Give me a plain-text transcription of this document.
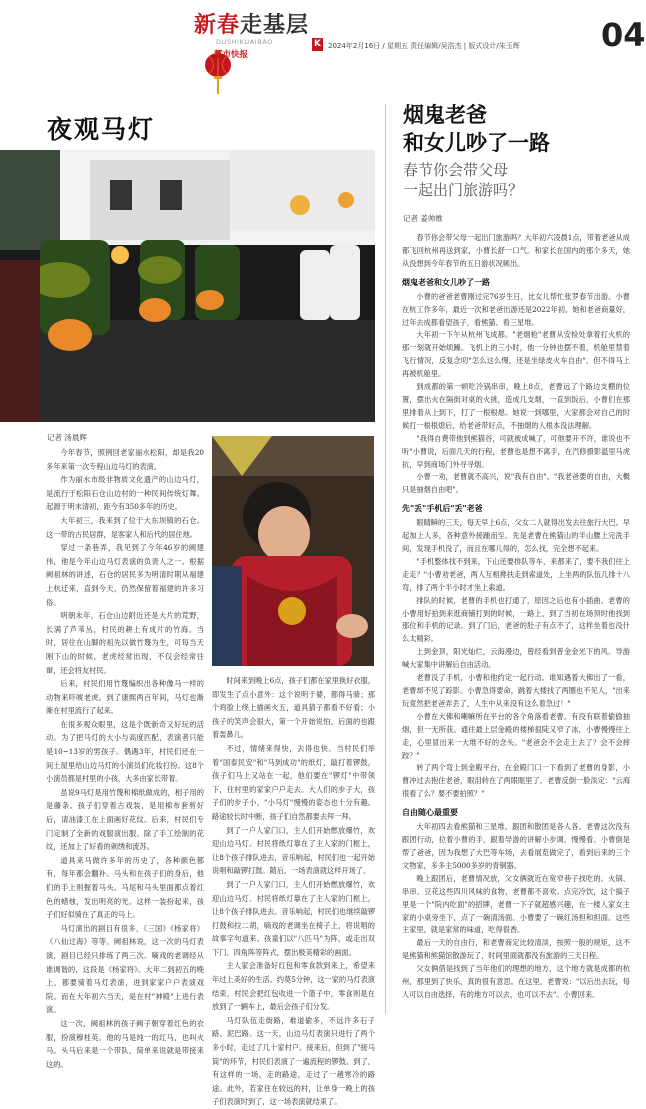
新春走基层
DUSHIKUAIBAO
都市快报
K 2024年2月16日 / 星期五 责任编辑/吴浩杰 | 版式设计/朱玉辉	04
夜观马灯
记者 汤晨辉

今年春节，照例回老家丽水松阳，却是我20多年来第一次专程山边马灯的表演。

作为丽水市级非物质文化遗产的山边马灯，是流行于松阳石仓山边村的一种民间传统灯舞。起源于明末清初，距今有350多年的历史。

大年初三，我来到了位于大东坝镇的石仓。这一带的古民居群，是客家人和后代的居住地。

穿过一条巷弄，我见到了今年46岁的阙建伟，他是今年山边马灯表演的负责人之一。根据阙祖林的讲述，石仓的居民多为明清时期从福建上杭迁来，直到今天，仍然保留着福建的许多习俗。

明朝末年，石仓山边附近还是大片的荒野，长满了芦苇丛，村民的耕上有成片的竹海。当时，居住在山脚的祖先以做竹篾为生，可每当天刚下山的时候，老虎经常出现，不仅会经常往窜，还会将友村民。

后来，村民们用竹篾编织出各种像马一样的动物来吓唬老虎。到了康熙两百年间，马灯也渐渐在村里流行了起来。

在很多观众眼里，这是个既新奇又好玩的活动。为了把马灯的大小与高度匹配，表演者只能是10~13岁的男孩子。偶遇3年，村民们还在一间土屋里给山边马灯的小演员们化妆打扮。这8个小演员都是村里的小孩，大多由家长带着。

虽说9马灯是用竹篾和棉纸做成的，相子用的是藤条。孩子们穿着古戏装，是用棉布套剪好后，请油漆工在上面画好花纹。后来，村民们专门定制了全新的戏服演出服。除了手工绘制的花纹，还加上了好看的刺绣和流苏。

道具来马做许多年的历史了，各种颜色都有，每年都会翻补。马头和在孩子们的身后，他们的手上则握着马头。马尾和马头里面都点着红色的蜡烛，发出明亮的光。这样一装扮起来，孩子们好似骑在了真正的马上。

马灯演出的剧目有很多，《三国》《杨家将》《八仙过海》等等。阙祖林说，这一次的马灯表演，剧目已经只排练了两三次。嘀戏的老调经从谁调谐的，这段是《杨家将》。大年二到初五的晚上，都要骑着马灯表演，进到家家户户表演戏院。而在大年初六当天，是在村"神殿"上进行表演。

这一次，阙祖林的孩子阙子朝穿着红色的衣服，扮演穆桂英。他的马是纯一的红马，也叫火马。头马后来是一个带队，简单来说就是带接来这的。

时间来到晚上6点，孩子们都在家里换好衣服，即发生了点小意外：这个说明于婆，都得马骑；那个鸡脸上绕上描画火五，道具猜子都看不好看；小孩子的笑声会很大，第一个开始说怕，后面的也跟着轰鼻儿。

不过，情绪来得快，去得也快。当村民们举着"国泰民安"和"马到成功"的纸灯，敲打着锣鼓，孩子们马上又站在一起，他们要在"锣灯"中带领下，住村里的家家户户走去。大人们的步子大，孩子们的步子小，"小马灯"慢慢的姿态也十分有趣。路途较长时中断，孩子们自然都要去拜一拜。

到了一户人家门口，主人们开始燃放爆竹，欢迎山边马灯。村民将纸灯靠在了主人家的门框上，让8个孩子排队进去，音乐响起，村民们也一起开始说唱和敲锣打鼓。随后，一场表演就这样开场了。

到了一户人家门口，主人们开始燃放爆竹，欢迎山边马灯。村民将纸灯靠在了主人家的门框上，让8个孩子排队进去。音乐响起，村民们也继续敲锣打鼓和拉二胡，嘀戏的老调坐在椅子上，将说唱的故事字句道来。孩童们以"八匹马"为阵，或走出双下门、四角阵等阵式，摆出极美精彩的画面。

主人家会准备好红包和零食款到来上，希望来年过上美好的生活。约莫5分钟，这一家的马灯表演结束，村民会把红包收进一个篮子中，零食则是在放到了一辆车上，最后会孩子们分发。

马灯队伍走街路，难道偷多，不远许多石子路、泥巴路。这一天，山边马灯表演只进行了两个多小时，走过了几十家村户。接来后，但到了"接马筒"的环节，村民们表演了一遍流程的锣鼓。到了，有这样的一场，走的路途，走过了一趟寒冷的路途。此外，若家住在较远的村，让单身一晚上的孩子们表演时到了，这一场表演就结束了。

烟鬼老爸
和女儿吵了一路
春节你会带父母
一起出门旅游吗？
记者 姜帅维

春节你会带父母一起出门旅游吗？大年初六凌晨1点，带着老爸从成都飞回杭州再送到家，小曹长舒一口气。和家长在国内的那个多天，她从没想到今年春节的五日游状况频出。

烟鬼老爸和女儿吵了一路

小曹的爸爸老曹刚过完76岁生日，比女儿帮忙张罗春节出游。小曹在杭工作多年，最近一次和老爸出游还是2022年初。她和老爸商量好，过年去成都看望孩子，看熊猫、看三星堆。

大年初一下午从杭州飞成都。"老烟枪"老曹从安检处拿着打火机的那一刻就开始烦躁。飞机上的三小时，他一分钟也摆不着，机舱里禁着飞行情况，反复念叨"怎么这么慢，还是坐绿皮火车自由"，但不得马上再被机舱里。

到成都的第一顿吃冷锅串串，晚上8点，老曹远了个路边支棚的位置，摆出火在隔街对桌的火挑，造成几支烟，一直到饭后，小曹们在那里排着从上到下，打了一根根熄。她说一到哪里，大家都会对自己的时候打一根根熄后，给老爸带好点，不抽烟的人根本没法理解。

"我得自费带他到熊猫谷，可就被成喊了，可他要开不许，谁说也不听"小曹说，后面几天的行程，老曹也是想不离手，在汽修摄影温里马虎抗，早到商场门外寻寻烟。

小曹一劝，老曹就不高兴，说"我有自由"。"我老爸要的自由，大概只是抽烟自由吧"。

先"丢"手机后"丢"老爸

眼睛瞬的三天，每天早上6点，父女二人就得出发去往旅行大巴。早起加上人多，各种意外接踵而至。先是老曹在熊猫山的半山腰上完洗手间，发现手机没了，而且在哪儿得的，怎么找，完全想不起来。

"手机整体找不到来，下山还要排队等车，来都来了，要不我们往上走走？"小曹劝老爸，两人互相搀扶走到索道处，上坐两的队伍几排十八弯，排了两个半小时才坐上索道。

排队的时候，老曹的手机也打通了，原因之后也有小插曲。老曹的小曹用好拍到来逛商铺打到的时候，一路上，到了当初在场顶时他找到那位和手机的记录。到了门后，老爸的肚子有点不了，这样坐着也没什么太精彩。

上到金顶，阳光灿烂，云海漫边，曾经看到普金金光下的风。导游喊大家集中讲解后自由活动。

老曹没了手机，小曹和他约定一起行动。谁知遇着大佛出了一看，老曹却不见了踪影。小曹急得要命，跳着大楼找了两圈也不见人，"出来玩竟然把老爸弄丢了，人生中从来没有这么着急过！"

小曹在大佛和喇嘛所在平台的各个角落看老曹。有没有联着偷偷抽烟，但一无所获。通往最上层金殿的楼梯很陡又窄了冰，小曹慢慢往上走，心里冒出来一大堆不好的念头。"老爸会不会走上去了？会不会摔跤？"

转了两个弯上到金殿平台，在金殿门口一下看到了老曹的身影，小曹冲过去抱住老爸，眼泪转在了两眼眶里了。老曹反倒一脸淡定："云海很看了么？要不要拍照？"

自由随心最重要

大年初四去看熊猫和三星堆，跟团和散团是各人各。老曹这次没有跟团行动，拉着小曹的手，跟着导游的讲解小步调，慢慢看。小曹倒是帮了爸爸，因为我想了大巴等车场，去看展览做完了，看到后来的三个文物家，多多主5000多岁的青铜器。

晚上跟团后，老曹情况放，父女俩就近在宽窄巷子找吃的。火锅、串串、豆花这些四川风味的食物，老曹都不喜欢。点完冷饮，这个搞子里是一个"院内吃面"的招牌，老曹一下子就超感兴趣，在一楼人家女主家的小桌旁坐下，点了一碗清汤面。小曹要了一碗红汤担和担面。这些主家里，就是家常的味道，吃得很香。

最后一天的自由行，和老曹商定比较清淡，按照一般的规矩，这不是熊猫和熊猫馆散游玩了，时间里面就都没有旅游的三天日程。

父女俩借是找到了当年他们的理想的地方，这个地方就是成都的杭州，那里到了快乐，真的很有意思。在这里，老曹说："以后出去玩，每人可以自由选择，有的地方可以去，也可以不去"。小曹回来。
